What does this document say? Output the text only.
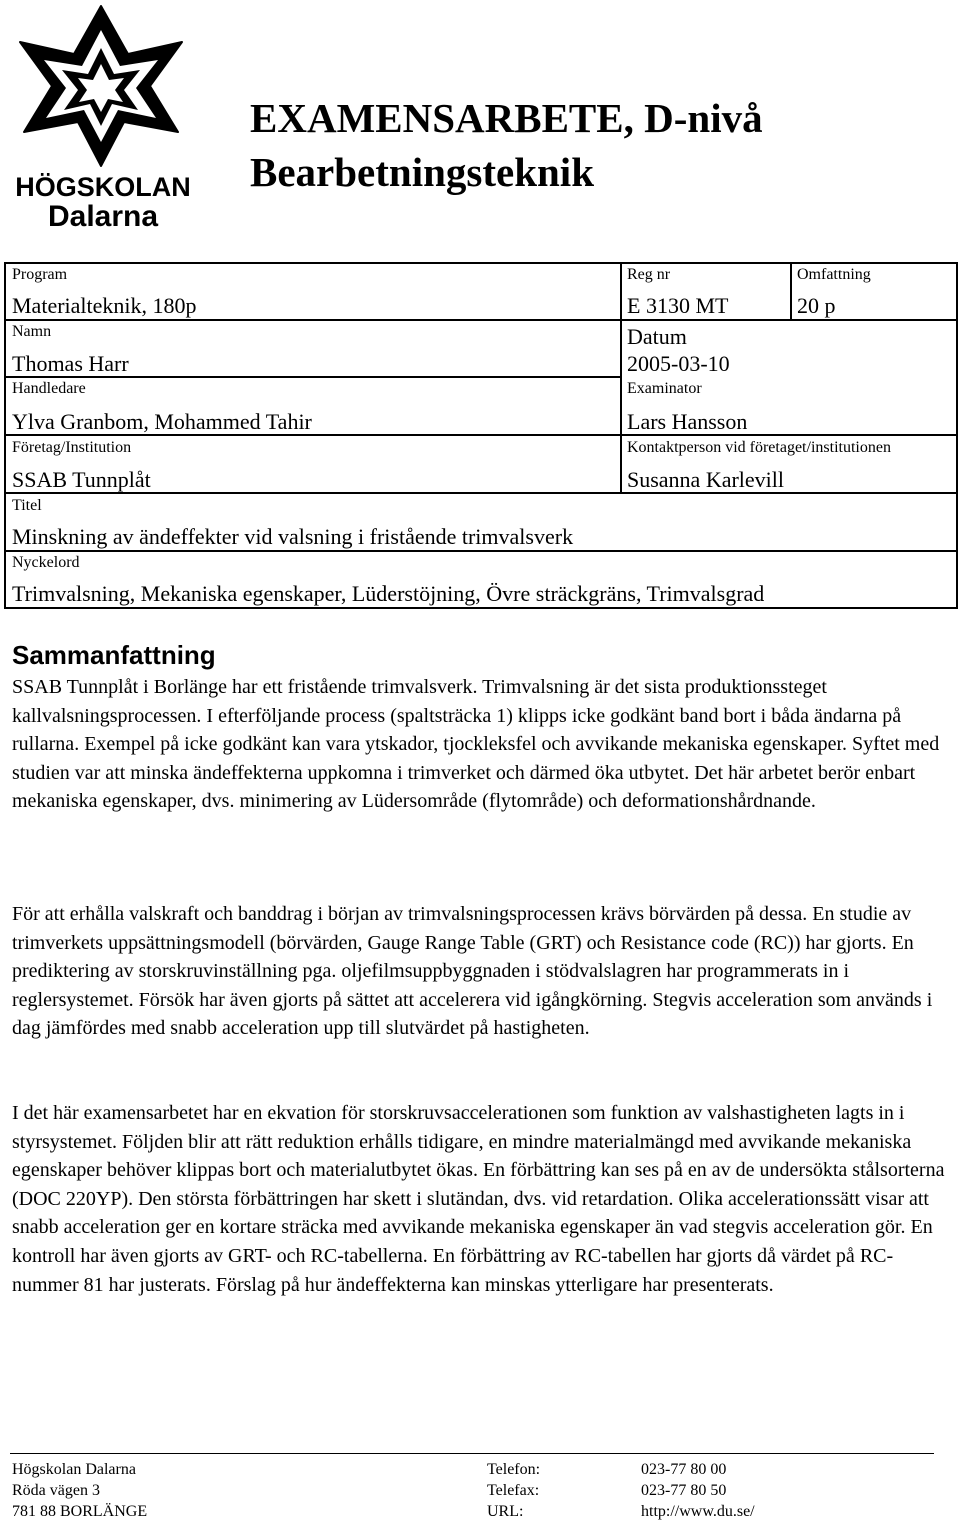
HÖGSKOLAN
Dalarna
EXAMENSARBETE, D-nivå
Bearbetningsteknik
Program
Materialteknik, 180p
Reg nr
E 3130 MT
Omfattning
20 p
Namn
Thomas Harr
Datum
2005-03-10
Handledare
Ylva Granbom, Mohammed Tahir
Examinator
Lars Hansson
Företag/Institution
SSAB Tunnplåt
Kontaktperson vid företaget/institutionen
Susanna Karlevill
Titel
Minskning av ändeffekter vid valsning i fristående trimvalsverk
Nyckelord
Trimvalsning, Mekaniska egenskaper, Lüderstöjning, Övre sträckgräns, Trimvalsgrad
Sammanfattning
SSAB Tunnplåt i Borlänge har ett fristående trimvalsverk. Trimvalsning är det sista produktionssteget kallvalsningsprocessen. I efterföljande process (spaltsträcka 1) klipps icke godkänt band bort i båda ändarna på rullarna. Exempel på icke godkänt kan vara ytskador, tjockleksfel och avvikande mekaniska egenskaper. Syftet med studien var att minska ändeffekterna uppkomna i trimverket och därmed öka utbytet. Det här arbetet berör enbart mekaniska egenskaper, dvs. minimering av Lüdersområde (flytområde) och deformationshårdnande.
För att erhålla valskraft och banddrag i början av trimvalsningsprocessen krävs börvärden på dessa. En studie av trimverkets uppsättningsmodell (börvärden, Gauge Range Table (GRT) och Resistance code (RC)) har gjorts. En prediktering av storskruvinställning pga. oljefilmsuppbyggnaden i stödvalslagren har programmerats in i reglersystemet. Försök har även gjorts på sättet att accelerera vid igångkörning. Stegvis acceleration som används i dag jämfördes med snabb acceleration upp till slutvärdet på hastigheten.
I det här examensarbetet har en ekvation för storskruvsaccelerationen som funktion av valshastigheten lagts in i styrsystemet. Följden blir att rätt reduktion erhålls tidigare, en mindre materialmängd med avvikande mekaniska egenskaper behöver klippas bort och materialutbytet ökas. En förbättring kan ses på en av de undersökta stålsorterna (DOC 220YP). Den största förbättringen har skett i slutändan, dvs. vid retardation. Olika accelerationssätt visar att snabb acceleration ger en kortare sträcka med avvikande mekaniska egenskaper än vad stegvis acceleration gör. En kontroll har även gjorts av GRT- och RC-tabellerna. En förbättring av RC-tabellen har gjorts då värdet på RC-nummer 81 har justerats. Förslag på hur ändeffekterna kan minskas ytterligare har presenterats.
Högskolan Dalarna
Röda vägen 3
781 88 BORLÄNGE
Telefon:
Telefax:
URL:
023-77 80 00
023-77 80 50
http://www.du.se/
